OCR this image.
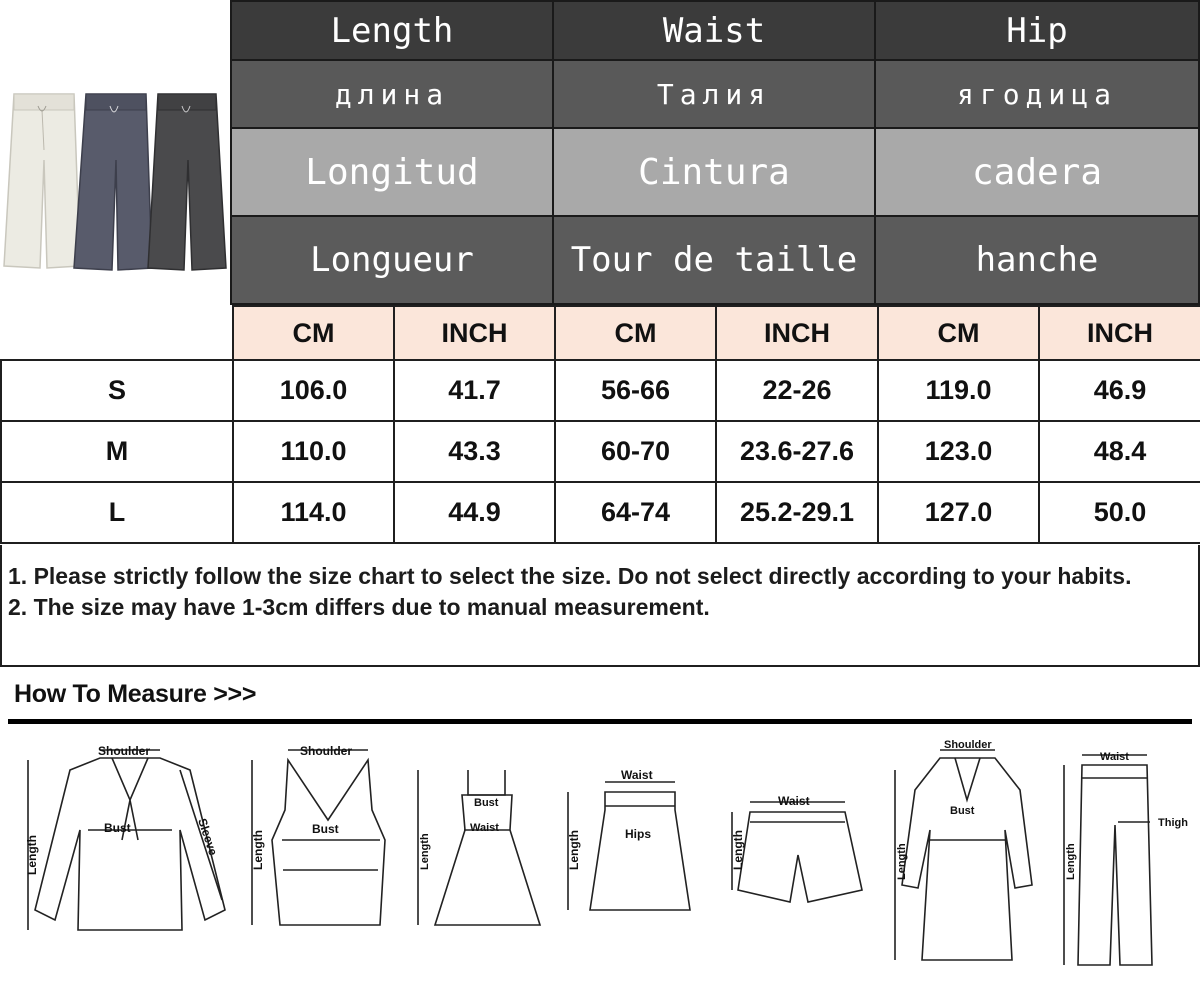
Length	Waist	Hip
длина	Талия	ягодица
Longitud	Cintura	cadera
Longueur	Tour de taille	hanche
	CM	INCH	CM	INCH	CM	INCH
S	106.0	41.7	56-66	22-26	119.0	46.9
M	110.0	43.3	60-70	23.6-27.6	123.0	48.4
L	114.0	44.9	64-74	25.2-29.1	127.0	50.0
1. Please strictly follow the size chart to select the size. Do not select directly according to your habits.
2. The size may have 1-3cm differs due to manual measurement.
How To Measure >>>
Shoulder
Bust
Length	Sleeve
Shoulder
Bust
Length
Bust
Waist
Length
Waist
Hips
Length
Waist
Length
Shoulder
Bust
Length
Waist
Thigh
Length
